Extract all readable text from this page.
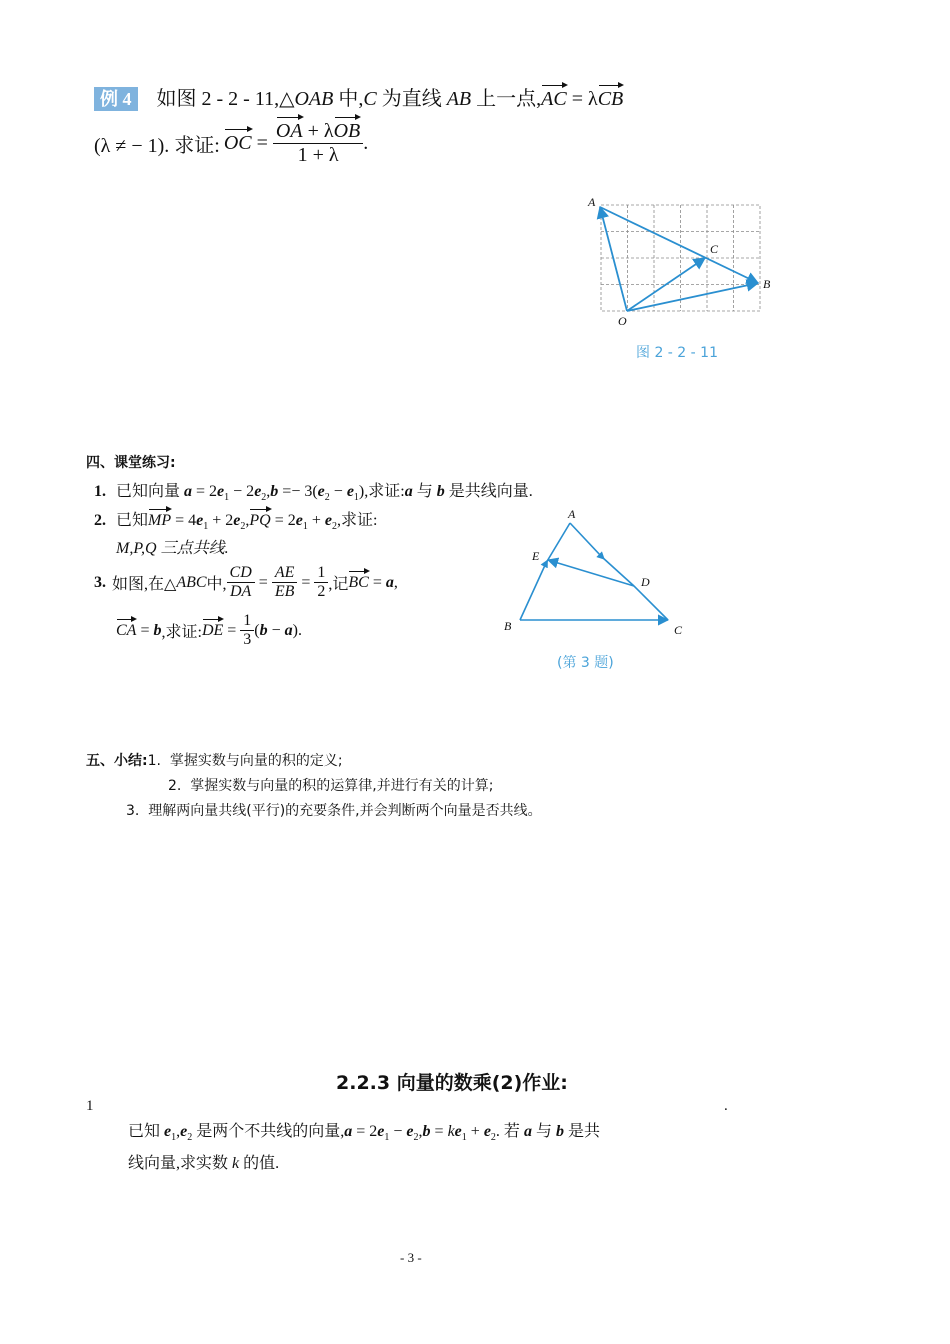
例 4 如图 2 - 2 - 11,△OAB 中,C 为直线 AB 上一点,AC = λCB
(λ ≠ − 1). 求证: OC = $\frac{\text{OA + λOB}}{1 + \lambda}$ .
A
C
B
O
图 2 - 2 - 11
四、课堂练习:
1. 已知向量 $a = 2e_1 - 2e_2,b =- 3(e_2 - e_1)$,求证:a 与 b 是共线向量.
2. 已知MP = $4e_1 + 2e_2,PQ = 2e_1 + e_2$,求证:
M,P,Q 三点共线.
3. 如图,在△ ABC 中, $\frac{CD}{DA} = \frac{AE}{EB} = \frac{1}{2}$ ,记 BC = a ,
CA = b ,求证: DE = $\frac{1}{3}$ ( b − a ).
A
E
D
B	C
(第 3 题)
五、小结:1.  掌握实数与向量的积的定义;
2.  掌握实数与向量的积的运算律,并进行有关的计算;
3.  理解两向量共线(平行)的充要条件,并会判断两个向量是否共线。
2.2.3 向量的数乘(2)作业:
1	.
已知 $e_1,e_2$ 是两个不共线的向量$,a = 2e_1 - e_2,b = ke_1 + e_2$. 若 a 与 b 是共
线向量,求实数 k 的值.
- 3 -
